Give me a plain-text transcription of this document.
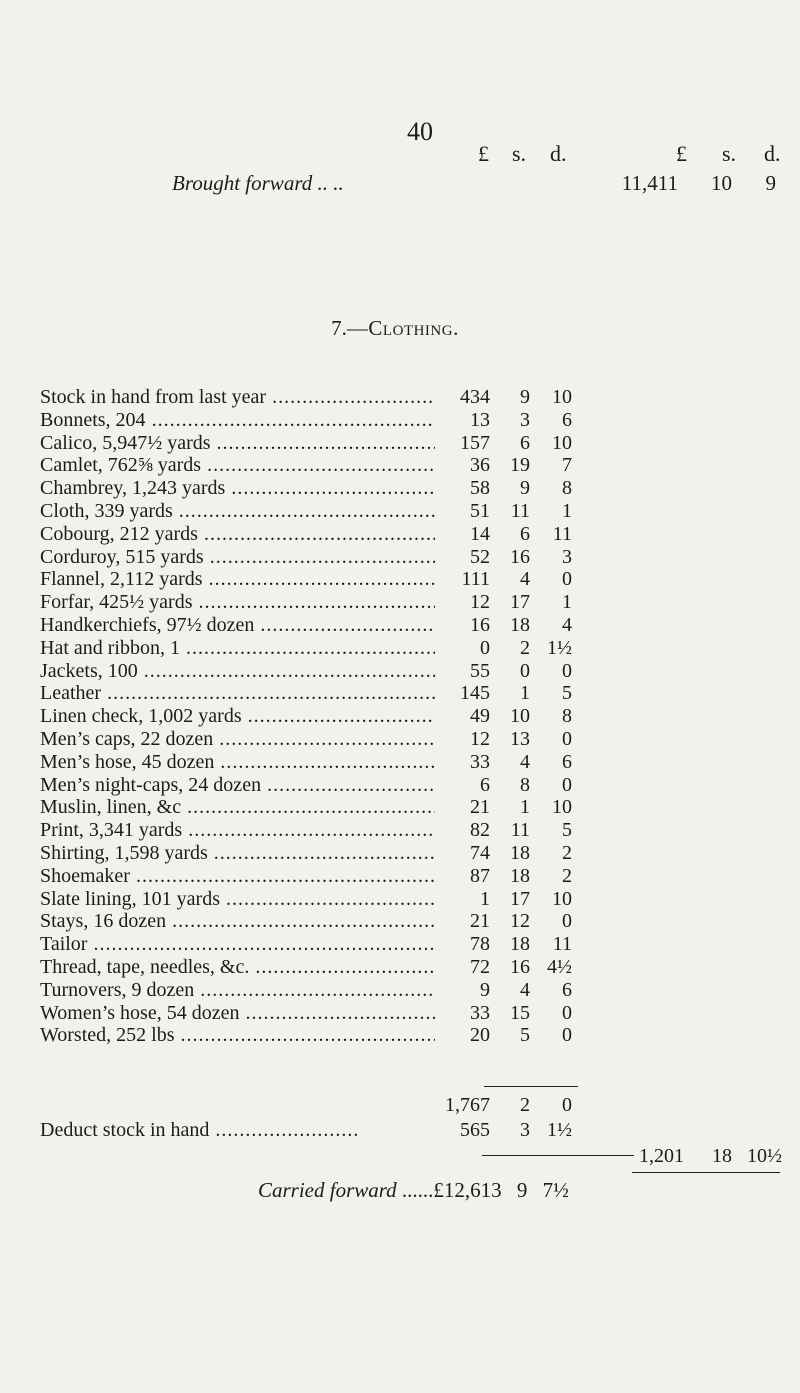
40
£ s. d.	£ s. d.
Brought forward .. ..	11,411	10	9
7.—Clothing.
Stock in hand from last year .....	434	9	10
Bonnets, 204 .....	13	3	6
Calico, 5,947½ yards .....	157	6	10
Camlet, 762⅝ yards .....	36	19	7
Chambrey, 1,243 yards .....	58	9	8
Cloth, 339 yards .....	51	11	1
Cobourg, 212 yards .....	14	6	11
Corduroy, 515 yards .....	52	16	3
Flannel, 2,112 yards .....	111	4	0
Forfar, 425½ yards .....	12	17	1
Handkerchiefs, 97½ dozen .....	16	18	4
Hat and ribbon, 1 .....	0	2 1½
Jackets, 100 .....	55	0	0
Leather .....	145	1	5
Linen check, 1,002 yards .....	49	10	8
Men’s caps, 22 dozen .....	12	13	0
Men’s hose, 45 dozen .....	33	4	6
Men’s night-caps, 24 dozen .....	6	8	0
Muslin, linen, &c .....	21	1	10
Print, 3,341 yards .....	82	11	5
Shirting, 1,598 yards .....	74	18	2
Shoemaker .....	87	18	2
Slate lining, 101 yards .....	1	17	10
Stays, 16 dozen .....	21	12	0
Tailor .....	78	18	11
Thread, tape, needles, &c. .....	72	16 4½
Turnovers, 9 dozen .....	9	4	6
Women’s hose, 54 dozen .....	33	15	0
Worsted, 252 lbs .....	20	5	0
1,767	2	0
Deduct stock in hand .....	565	3 1½
1,201	18 10½
Carried forward ......£12,613 9 7½
